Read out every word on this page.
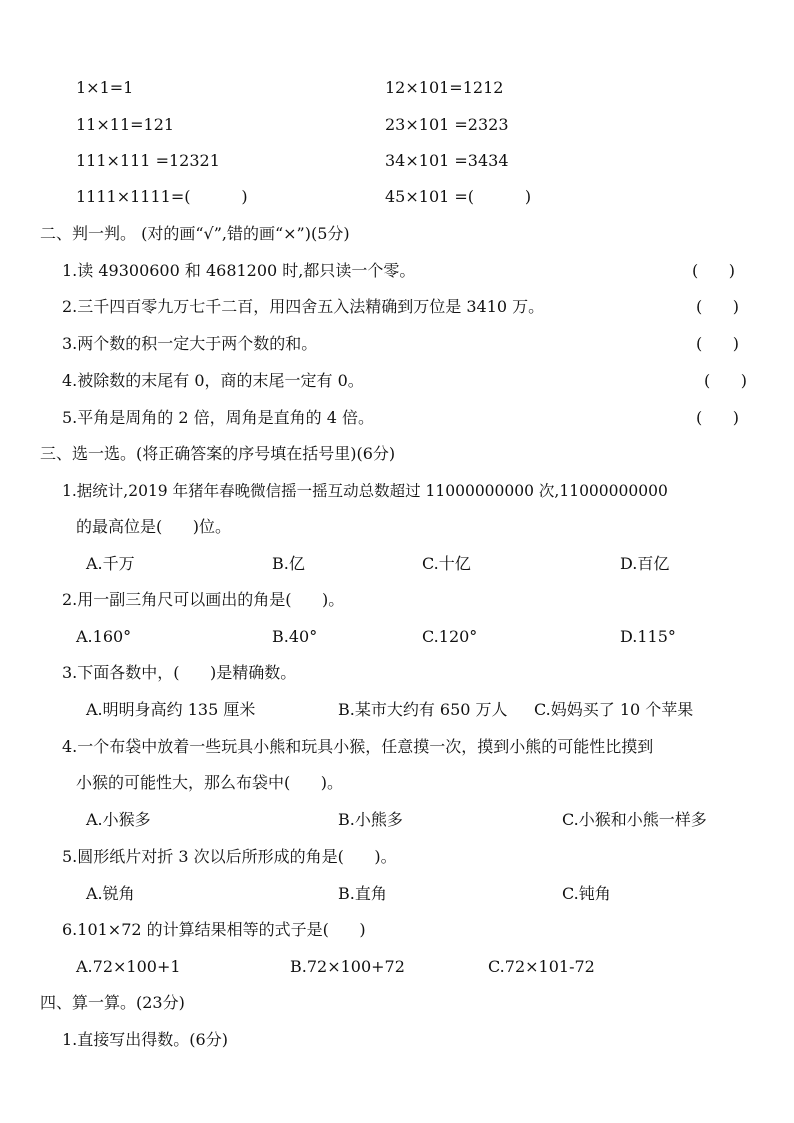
1×1=1	12×101=1212
11×11=121	23×101 =2323
111×111 =12321	34×101 =3434
1111×1111=(          )	45×101 =(          )
二、判一判。 (对的画“√”,错的画“×”)(5分)
1.读 49300600 和 4681200 时,都只读一个零。	(      )
2.三千四百零九万七千二百，用四舍五入法精确到万位是 3410 万。	(      )
3.两个数的积一定大于两个数的和。	(      )
4.被除数的末尾有 0，商的末尾一定有 0。	(      )
5.平角是周角的 2 倍，周角是直角的 4 倍。	(      )
三、选一选。(将正确答案的序号填在括号里)(6分)
1.据统计,2019 年猪年春晚微信摇一摇互动总数超过 11000000000 次,11000000000
的最高位是(      )位。
A.千万	B.亿	C.十亿	D.百亿
2.用一副三角尺可以画出的角是(      )。
A.160°	B.40°	C.120°	D.115°
3.下面各数中，(      )是精确数。
A.明明身高约 135 厘米	B.某市大约有 650 万人 C.妈妈买了 10 个苹果
4.一个布袋中放着一些玩具小熊和玩具小猴，任意摸一次，摸到小熊的可能性比摸到
小猴的可能性大，那么布袋中(      )。
A.小猴多	B.小熊多	C.小猴和小熊一样多
5.圆形纸片对折 3 次以后所形成的角是(      )。
A.锐角	B.直角	C.钝角
6.101×72 的计算结果相等的式子是(      )
A.72×100+1	B.72×100+72	C.72×101-72
四、算一算。(23分)
1.直接写出得数。(6分)
